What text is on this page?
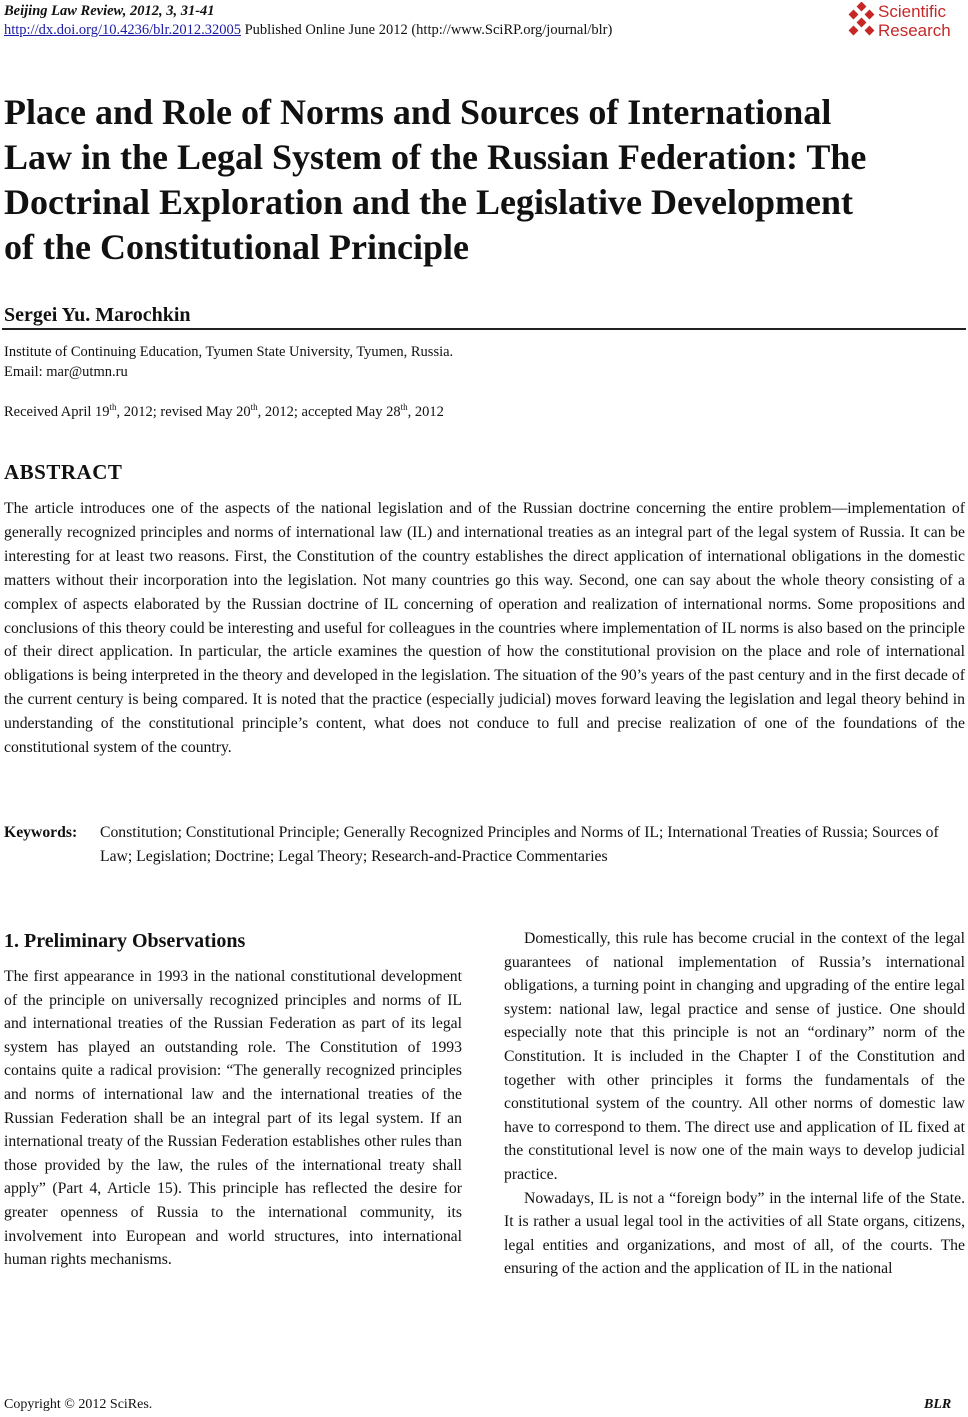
Beijing Law Review, 2012, 3, 31-41
http://dx.doi.org/10.4236/blr.2012.32005 Published Online June 2012 (http://www.SciRP.org/journal/blr)
Scientific
Research
Place and Role of Norms and Sources of International
Law in the Legal System of the Russian Federation: The
Doctrinal Exploration and the Legislative Development
of the Constitutional Principle
Sergei Yu. Marochkin
Institute of Continuing Education, Tyumen State University, Tyumen, Russia.
Email: mar@utmn.ru
Received April 19th, 2012; revised May 20th, 2012; accepted May 28th, 2012
ABSTRACT
The article introduces one of the aspects of the national legislation and of the Russian doctrine concerning the entire problem—implementation of generally recognized principles and norms of international law (IL) and international treaties as an integral part of the legal system of Russia. It can be interesting for at least two reasons. First, the Constitution of the country establishes the direct application of international obligations in the domestic matters without their incorporation into the legislation. Not many countries go this way. Second, one can say about the whole theory consisting of a complex of aspects elaborated by the Russian doctrine of IL concerning of operation and realization of international norms. Some propositions and conclusions of this theory could be interesting and useful for colleagues in the countries where implementation of IL norms is also based on the principle of their direct application. In particular, the article examines the question of how the constitutional provision on the place and role of international obligations is being interpreted in the theory and developed in the legislation. The situation of the 90’s years of the past century and in the first decade of the current century is being compared. It is noted that the practice (especially judicial) moves forward leaving the legislation and legal theory behind in understanding of the constitutional principle’s content, what does not conduce to full and precise realization of one of the foundations of the constitutional system of the country.
Keywords: Constitution; Constitutional Principle; Generally Recognized Principles and Norms of IL; International Treaties of Russia; Sources of Law; Legislation; Doctrine; Legal Theory; Research-and-Practice Commentaries
1. Preliminary Observations

The first appearance in 1993 in the national constitutional development of the principle on universally recognized principles and norms of IL and international treaties of the Russian Federation as part of its legal system has played an outstanding role. The Constitution of 1993 contains quite a radical provision: “The generally recognized principles and norms of international law and the international treaties of the Russian Federation shall be an integral part of its legal system. If an international treaty of the Russian Federation establishes other rules than those provided by the law, the rules of the international treaty shall apply” (Part 4, Article 15). This principle has reflected the desire for greater openness of Russia to the international community, its involvement into European and world structures, into international human rights mechanisms.

Domestically, this rule has become crucial in the context of the legal guarantees of national implementation of Russia’s international obligations, a turning point in changing and upgrading of the entire legal system: national law, legal practice and sense of justice. One should especially note that this principle is not an “ordinary” norm of the Constitution. It is included in the Chapter I of the Constitution and together with other principles it forms the fundamentals of the constitutional system of the country. All other norms of domestic law have to correspond to them. The direct use and application of IL fixed at the constitutional level is now one of the main ways to develop judicial practice.

Nowadays, IL is not a “foreign body” in the internal life of the State. It is rather a usual legal tool in the activities of all State organs, citizens, legal entities and organizations, and most of all, of the courts. The ensuring of the action and the application of IL in the national

Copyright © 2012 SciRes.	BLR
